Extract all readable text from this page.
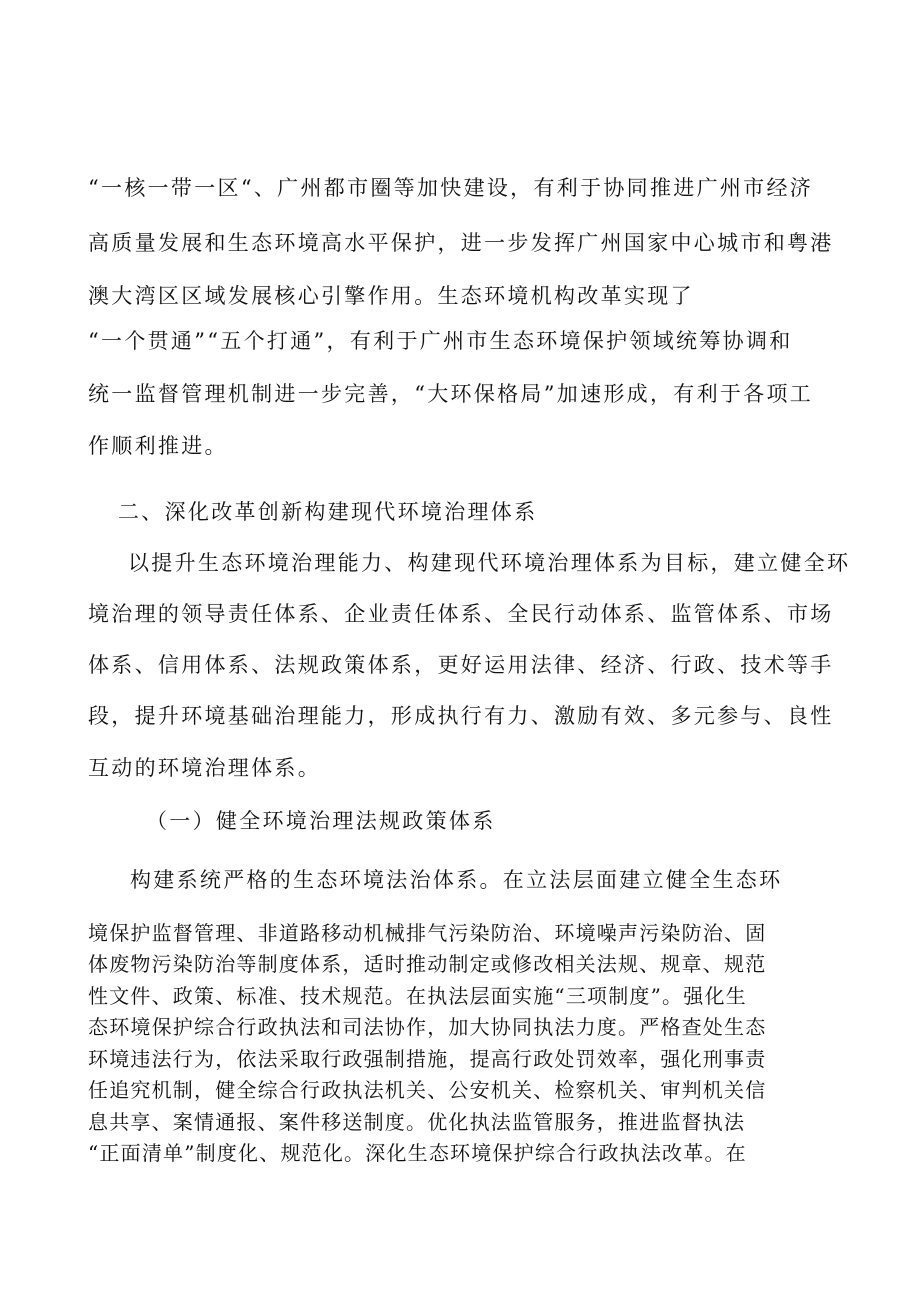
“一核一带一区“、广州都市圈等加快建设，有利于协同推进广州市经济
高质量发展和生态环境高水平保护，进一步发挥广州国家中心城市和粤港
澳大湾区区域发展核心引擎作用。生态环境机构改革实现了
“一个贯通”“五个打通”，有利于广州市生态环境保护领域统筹协调和
统一监督管理机制进一步完善，“大环保格局”加速形成，有利于各项工
作顺利推进。
二、深化改革创新构建现代环境治理体系
以提升生态环境治理能力、构建现代环境治理体系为目标，建立健全环
境治理的领导责任体系、企业责任体系、全民行动体系、监管体系、市场
体系、信用体系、法规政策体系，更好运用法律、经济、行政、技术等手
段，提升环境基础治理能力，形成执行有力、激励有效、多元参与、良性
互动的环境治理体系。
（一）健全环境治理法规政策体系
构建系统严格的生态环境法治体系。在立法层面建立健全生态环
境保护监督管理、非道路移动机械排气污染防治、环境噪声污染防治、固
体废物污染防治等制度体系，适时推动制定或修改相关法规、规章、规范
性文件、政策、标准、技术规范。在执法层面实施“三项制度”。强化生
态环境保护综合行政执法和司法协作，加大协同执法力度。严格查处生态
环境违法行为，依法采取行政强制措施，提高行政处罚效率，强化刑事责
任追究机制，健全综合行政执法机关、公安机关、检察机关、审判机关信
息共享、案情通报、案件移送制度。优化执法监管服务，推进监督执法
“正面清单”制度化、规范化。深化生态环境保护综合行政执法改革。在
